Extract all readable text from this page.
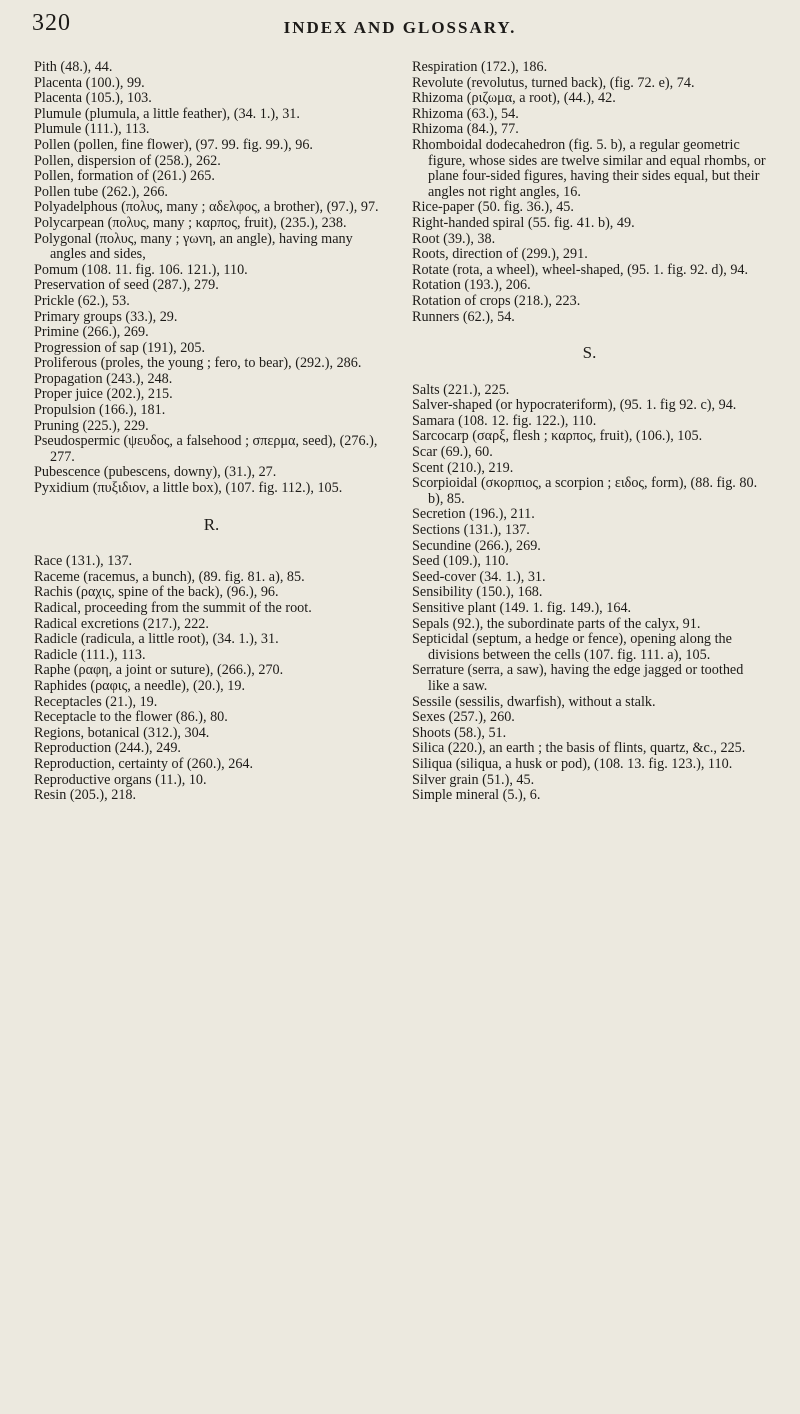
320	INDEX AND GLOSSARY.

Pith (48.), 44.

Placenta (100.), 99.

Placenta (105.), 103.

Plumule (plumula, a little feather), (34. 1.), 31.

Plumule (111.), 113.

Pollen (pollen, fine flower), (97. 99. fig. 99.), 96.

Pollen, dispersion of (258.), 262.

Pollen, formation of (261.) 265.

Pollen tube (262.), 266.

Polyadelphous (πολυς, many ; αδελφος, a brother), (97.), 97.

Polycarpean (πολυς, many ; καρπος, fruit), (235.), 238.

Polygonal (πολυς, many ; γωνη, an angle), having many angles and sides,

Pomum (108. 11. fig. 106. 121.), 110.

Preservation of seed (287.), 279.

Prickle (62.), 53.

Primary groups (33.), 29.

Primine (266.), 269.

Progression of sap (191), 205.

Proliferous (proles, the young ; fero, to bear), (292.), 286.

Propagation (243.), 248.

Proper juice (202.), 215.

Propulsion (166.), 181.

Pruning (225.), 229.

Pseudospermic (ψευδος, a falsehood ; σπερμα, seed), (276.), 277.

Pubescence (pubescens, downy), (31.), 27.

Pyxidium (πυξιδιον, a little box), (107. fig. 112.), 105.

R.

Race (131.), 137.

Raceme (racemus, a bunch), (89. fig. 81. a), 85.

Rachis (ραχις, spine of the back), (96.), 96.

Radical, proceeding from the summit of the root.

Radical excretions (217.), 222.

Radicle (radicula, a little root), (34. 1.), 31.

Radicle (111.), 113.

Raphe (ραφη, a joint or suture), (266.), 270.

Raphides (ραφις, a needle), (20.), 19.

Receptacles (21.), 19.

Receptacle to the flower (86.), 80.

Regions, botanical (312.), 304.

Reproduction (244.), 249.

Reproduction, certainty of (260.), 264.

Reproductive organs (11.), 10.

Resin (205.), 218.

Respiration (172.), 186.

Revolute (revolutus, turned back), (fig. 72. e), 74.

Rhizoma (ριζωμα, a root), (44.), 42.

Rhizoma (63.), 54.

Rhizoma (84.), 77.

Rhomboidal dodecahedron (fig. 5. b), a regular geometric figure, whose sides are twelve similar and equal rhombs, or plane four-sided figures, having their sides equal, but their angles not right angles, 16.

Rice-paper (50. fig. 36.), 45.

Right-handed spiral (55. fig. 41. b), 49.

Root (39.), 38.

Roots, direction of (299.), 291.

Rotate (rota, a wheel), wheel-shaped, (95. 1. fig. 92. d), 94.

Rotation (193.), 206.

Rotation of crops (218.), 223.

Runners (62.), 54.

S.

Salts (221.), 225.

Salver-shaped (or hypocrateriform), (95. 1. fig 92. c), 94.

Samara (108. 12. fig. 122.), 110.

Sarcocarp (σαρξ, flesh ; καρπος, fruit), (106.), 105.

Scar (69.), 60.

Scent (210.), 219.

Scorpioidal (σκορπιος, a scorpion ; ειδος, form), (88. fig. 80. b), 85.

Secretion (196.), 211.

Sections (131.), 137.

Secundine (266.), 269.

Seed (109.), 110.

Seed-cover (34. 1.), 31.

Sensibility (150.), 168.

Sensitive plant (149. 1. fig. 149.), 164.

Sepals (92.), the subordinate parts of the calyx, 91.

Septicidal (septum, a hedge or fence), opening along the divisions between the cells (107. fig. 111. a), 105.

Serrature (serra, a saw), having the edge jagged or toothed like a saw.

Sessile (sessilis, dwarfish), without a stalk.

Sexes (257.), 260.

Shoots (58.), 51.

Silica (220.), an earth ; the basis of flints, quartz, &c., 225.

Siliqua (siliqua, a husk or pod), (108. 13. fig. 123.), 110.

Silver grain (51.), 45.

Simple mineral (5.), 6.
